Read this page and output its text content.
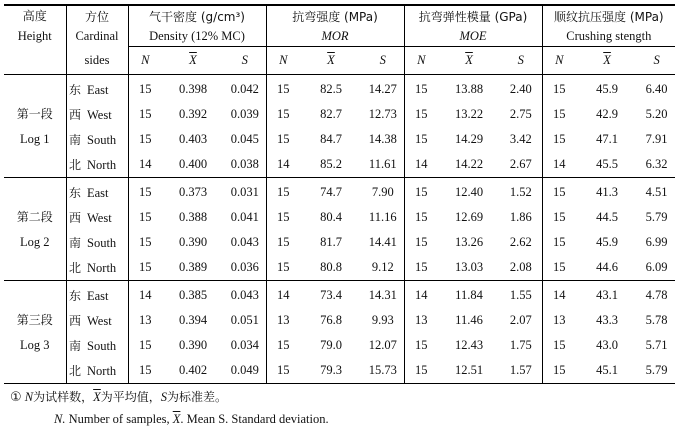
高度
Height	方位	气干密度 (g/cm³)			抗弯强度 (MPa)			抗弯弹性模量 (GPa)			顺纹抗压强度 (MPa)		
	Cardinal	Density (12% MC)			MOR			MOE			Crushing stength		
	sides	N	$\overline{X}$	S	N	$\overline{X}$	S	N	$\overline{X}$	S	N	$\overline{X}$	S

第一段
Log 1	东 East	15	0.398	0.042	15	82.5	14.27	15	13.88	2.40	15	45.9	6.40
	西 West	15	0.392	0.039	15	82.7	12.73	15	13.22	2.75	15	42.9	5.20
	南 South	15	0.403	0.045	15	84.7	14.38	15	14.29	3.42	15	47.1	7.91
	北 North	14	0.400	0.038	14	85.2	11.61	14	14.22	2.67	14	45.5	6.32

第二段
Log 2	东 East	15	0.373	0.031	15	74.7	7.90	15	12.40	1.52	15	41.3	4.51
	西 West	15	0.388	0.041	15	80.4	11.16	15	12.69	1.86	15	44.5	5.79
	南 South	15	0.390	0.043	15	81.7	14.41	15	13.26	2.62	15	45.9	6.99
	北 North	15	0.389	0.036	15	80.8	9.12	15	13.03	2.08	15	44.6	6.09

第三段
Log 3	东 East	14	0.385	0.043	14	73.4	14.31	14	11.84	1.55	14	43.1	4.78
	西 West	13	0.394	0.051	13	76.8	9.93	13	11.46	2.07	13	43.3	5.78
	南 South	15	0.390	0.034	15	79.0	12.07	15	12.43	1.75	15	43.0	5.71
	北 North	15	0.402	0.049	15	79.3	15.73	15	12.51	1.57	15	45.1	5.79
① N为试样数，$\overline{X}$为平均值，S为标准差。
N. Number of samples, $\overline{X}$. Mean S. Standard deviation.
